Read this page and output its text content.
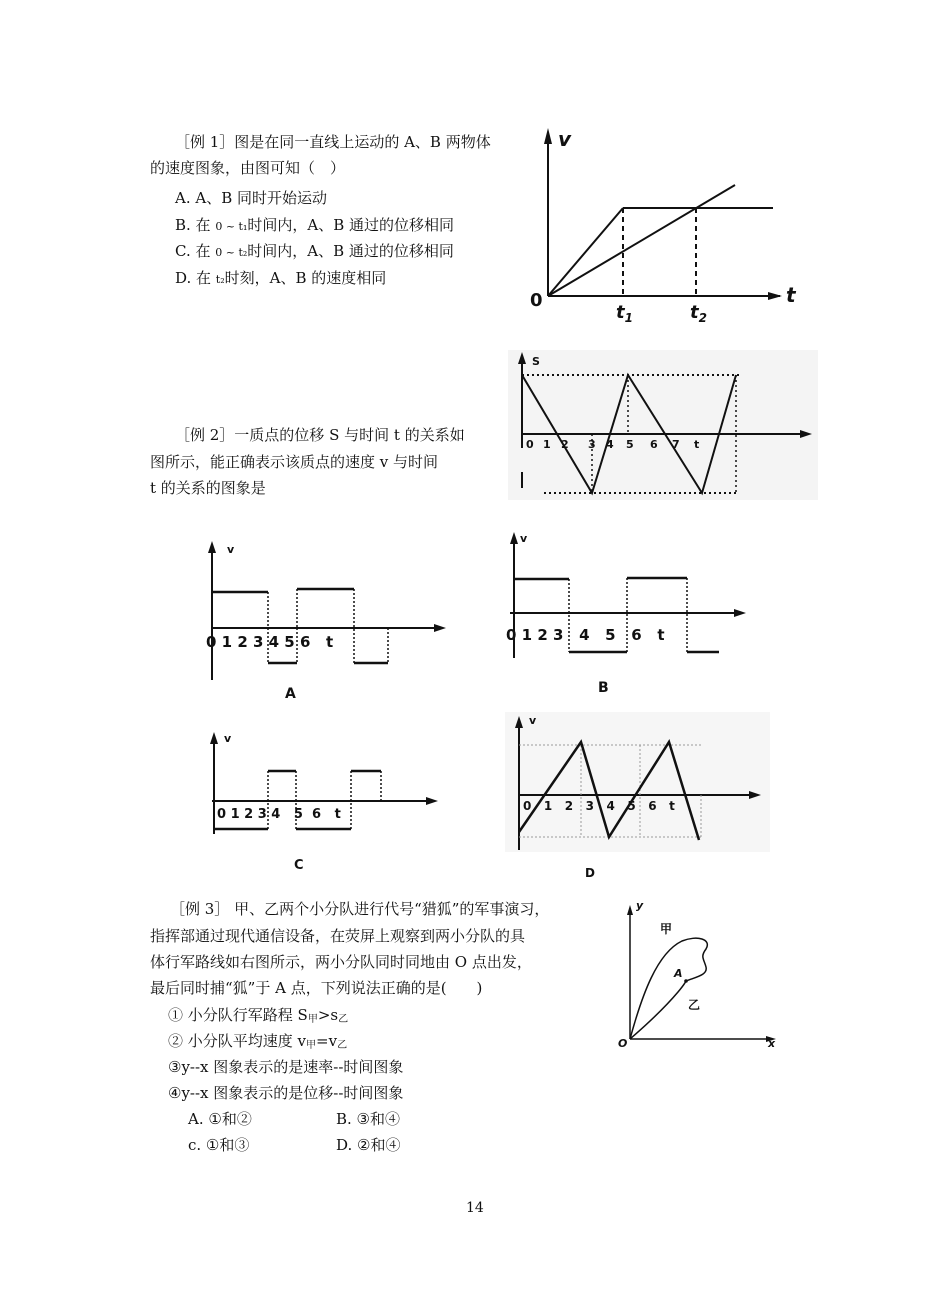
［例 1］图是在同一直线上运动的 A、B 两物体
的速度图象，由图可知（　）
A. A、B 同时开始运动
B. 在 0 ~ t₁时间内，A、B 通过的位移相同
C. 在 0 ~ t₂时间内，A、B 通过的位移相同
D. 在 t₂时刻，A、B 的速度相同
v
t
0
$t_1$	$t_2$
［例 2］一质点的位移 S 与时间 t 的关系如
图所示，能正确表示该质点的速度 v 与时间
t 的关系的图象是
S
0 1 2 3 4 5 6 7 t
v
0 1 2 3 4 5 6   t
A
v
0 1 2 3   4   5   6   t
B
v
0 1 2 3 4   5  6   t
C
v
0   1   2   3   4   5   6   t
D
［例 3］ 甲、乙两个小分队进行代号“猎狐”的军事演习，
指挥部通过现代通信设备，在荧屏上观察到两小分队的具
体行军路线如右图所示，两小分队同时同地由 O 点出发，
最后同时捕“狐”于 A 点，下列说法正确的是(　　)
① 小分队行军路程 $S_甲>s_乙$
② 小分队平均速度 $v_甲=v_乙$
③y--x 图象表示的是速率--时间图象
④y--x 图象表示的是位移--时间图象
A. ①和②	B. ③和④
c. ①和③	D. ②和④
y
x
O
甲
乙
A
14
